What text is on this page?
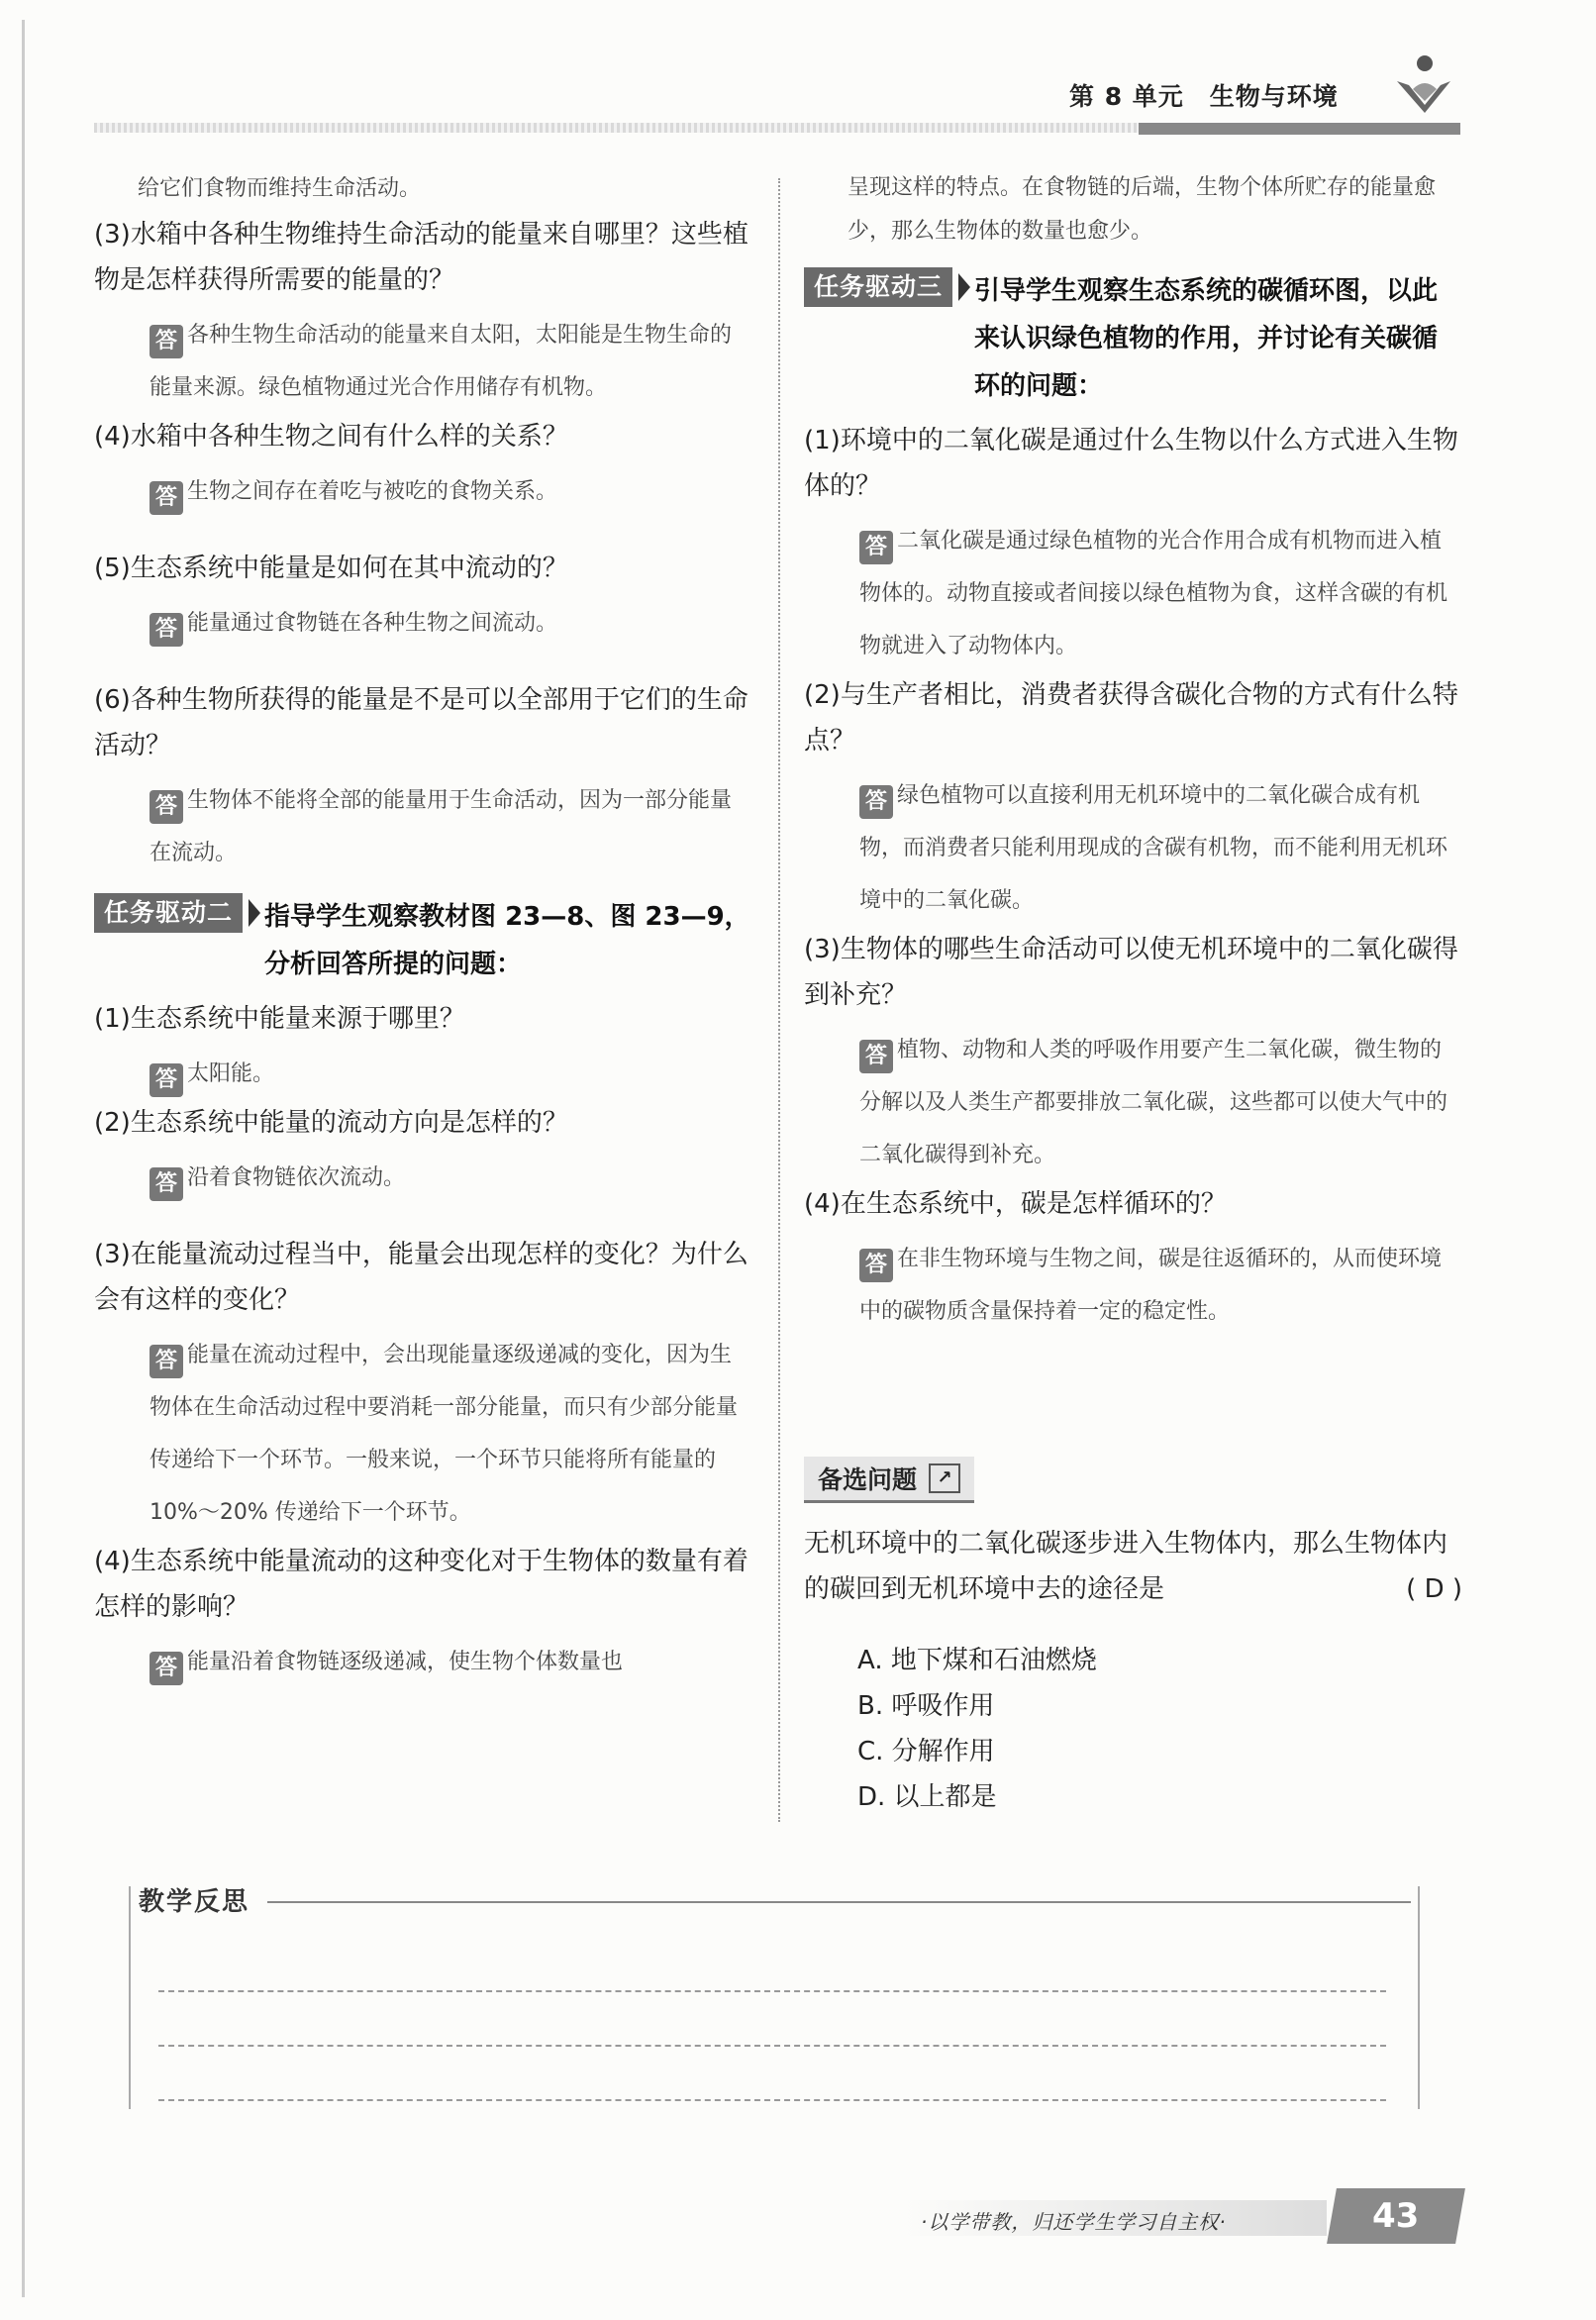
第 8 单元　生物与环境

给它们食物而维持生命活动。

(3)水箱中各种生物维持生命活动的能量来自哪里？这些植物是怎样获得所需要的能量的？

答 各种生物生命活动的能量来自太阳，太阳能是生物生命的能量来源。绿色植物通过光合作用储存有机物。

(4)水箱中各种生物之间有什么样的关系？

答 生物之间存在着吃与被吃的食物关系。

(5)生态系统中能量是如何在其中流动的？

答 能量通过食物链在各种生物之间流动。

(6)各种生物所获得的能量是不是可以全部用于它们的生命活动？

答 生物体不能将全部的能量用于生命活动，因为一部分能量在流动。

任务驱动二	指导学生观察教材图 23—8、图 23—9，分析回答所提的问题：

(1)生态系统中能量来源于哪里？

答 太阳能。

(2)生态系统中能量的流动方向是怎样的？

答 沿着食物链依次流动。

(3)在能量流动过程当中，能量会出现怎样的变化？为什么会有这样的变化？

答 能量在流动过程中，会出现能量逐级递减的变化，因为生物体在生命活动过程中要消耗一部分能量，而只有少部分能量传递给下一个环节。一般来说，一个环节只能将所有能量的 10%～20% 传递给下一个环节。

(4)生态系统中能量流动的这种变化对于生物体的数量有着怎样的影响？

答 能量沿着食物链逐级递减，使生物个体数量也

呈现这样的特点。在食物链的后端，生物个体所贮存的能量愈少，那么生物体的数量也愈少。

任务驱动三	引导学生观察生态系统的碳循环图，以此来认识绿色植物的作用，并讨论有关碳循环的问题：

(1)环境中的二氧化碳是通过什么生物以什么方式进入生物体的？

答 二氧化碳是通过绿色植物的光合作用合成有机物而进入植物体的。动物直接或者间接以绿色植物为食，这样含碳的有机物就进入了动物体内。

(2)与生产者相比，消费者获得含碳化合物的方式有什么特点？

答 绿色植物可以直接利用无机环境中的二氧化碳合成有机物，而消费者只能利用现成的含碳有机物，而不能利用无机环境中的二氧化碳。

(3)生物体的哪些生命活动可以使无机环境中的二氧化碳得到补充？

答 植物、动物和人类的呼吸作用要产生二氧化碳，微生物的分解以及人类生产都要排放二氧化碳，这些都可以使大气中的二氧化碳得到补充。

(4)在生态系统中，碳是怎样循环的？

答 在非生物环境与生物之间，碳是往返循环的，从而使环境中的碳物质含量保持着一定的稳定性。

备选问题	↗

无机环境中的二氧化碳逐步进入生物体内，那么生物体内的碳回到无机环境中去的途径是	( D )

A. 地下煤和石油燃烧
B. 呼吸作用
C. 分解作用
D. 以上都是
教学反思
·以学带教，归还学生学习自主权·	43
